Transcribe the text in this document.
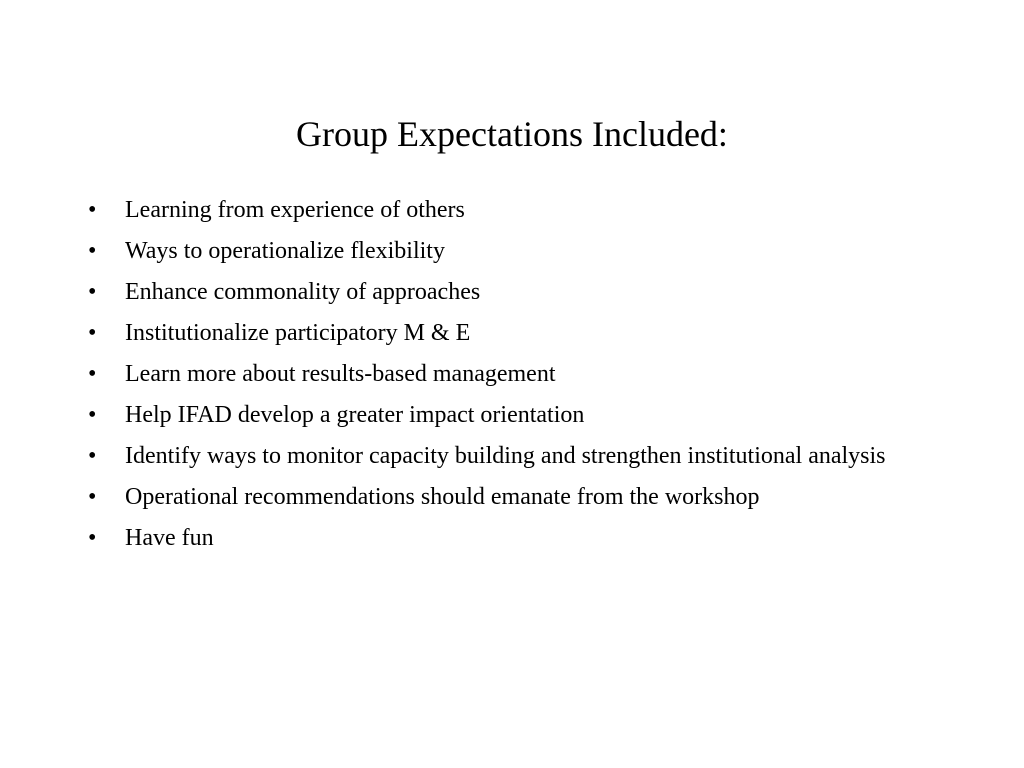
Group Expectations Included:
• Learning from experience of others
• Ways to operationalize flexibility
• Enhance commonality of approaches
• Institutionalize participatory M & E
• Learn more about results-based management
• Help IFAD develop a greater impact orientation
• Identify ways to monitor capacity building and strengthen institutional analysis
• Operational recommendations should emanate from the workshop
• Have fun
